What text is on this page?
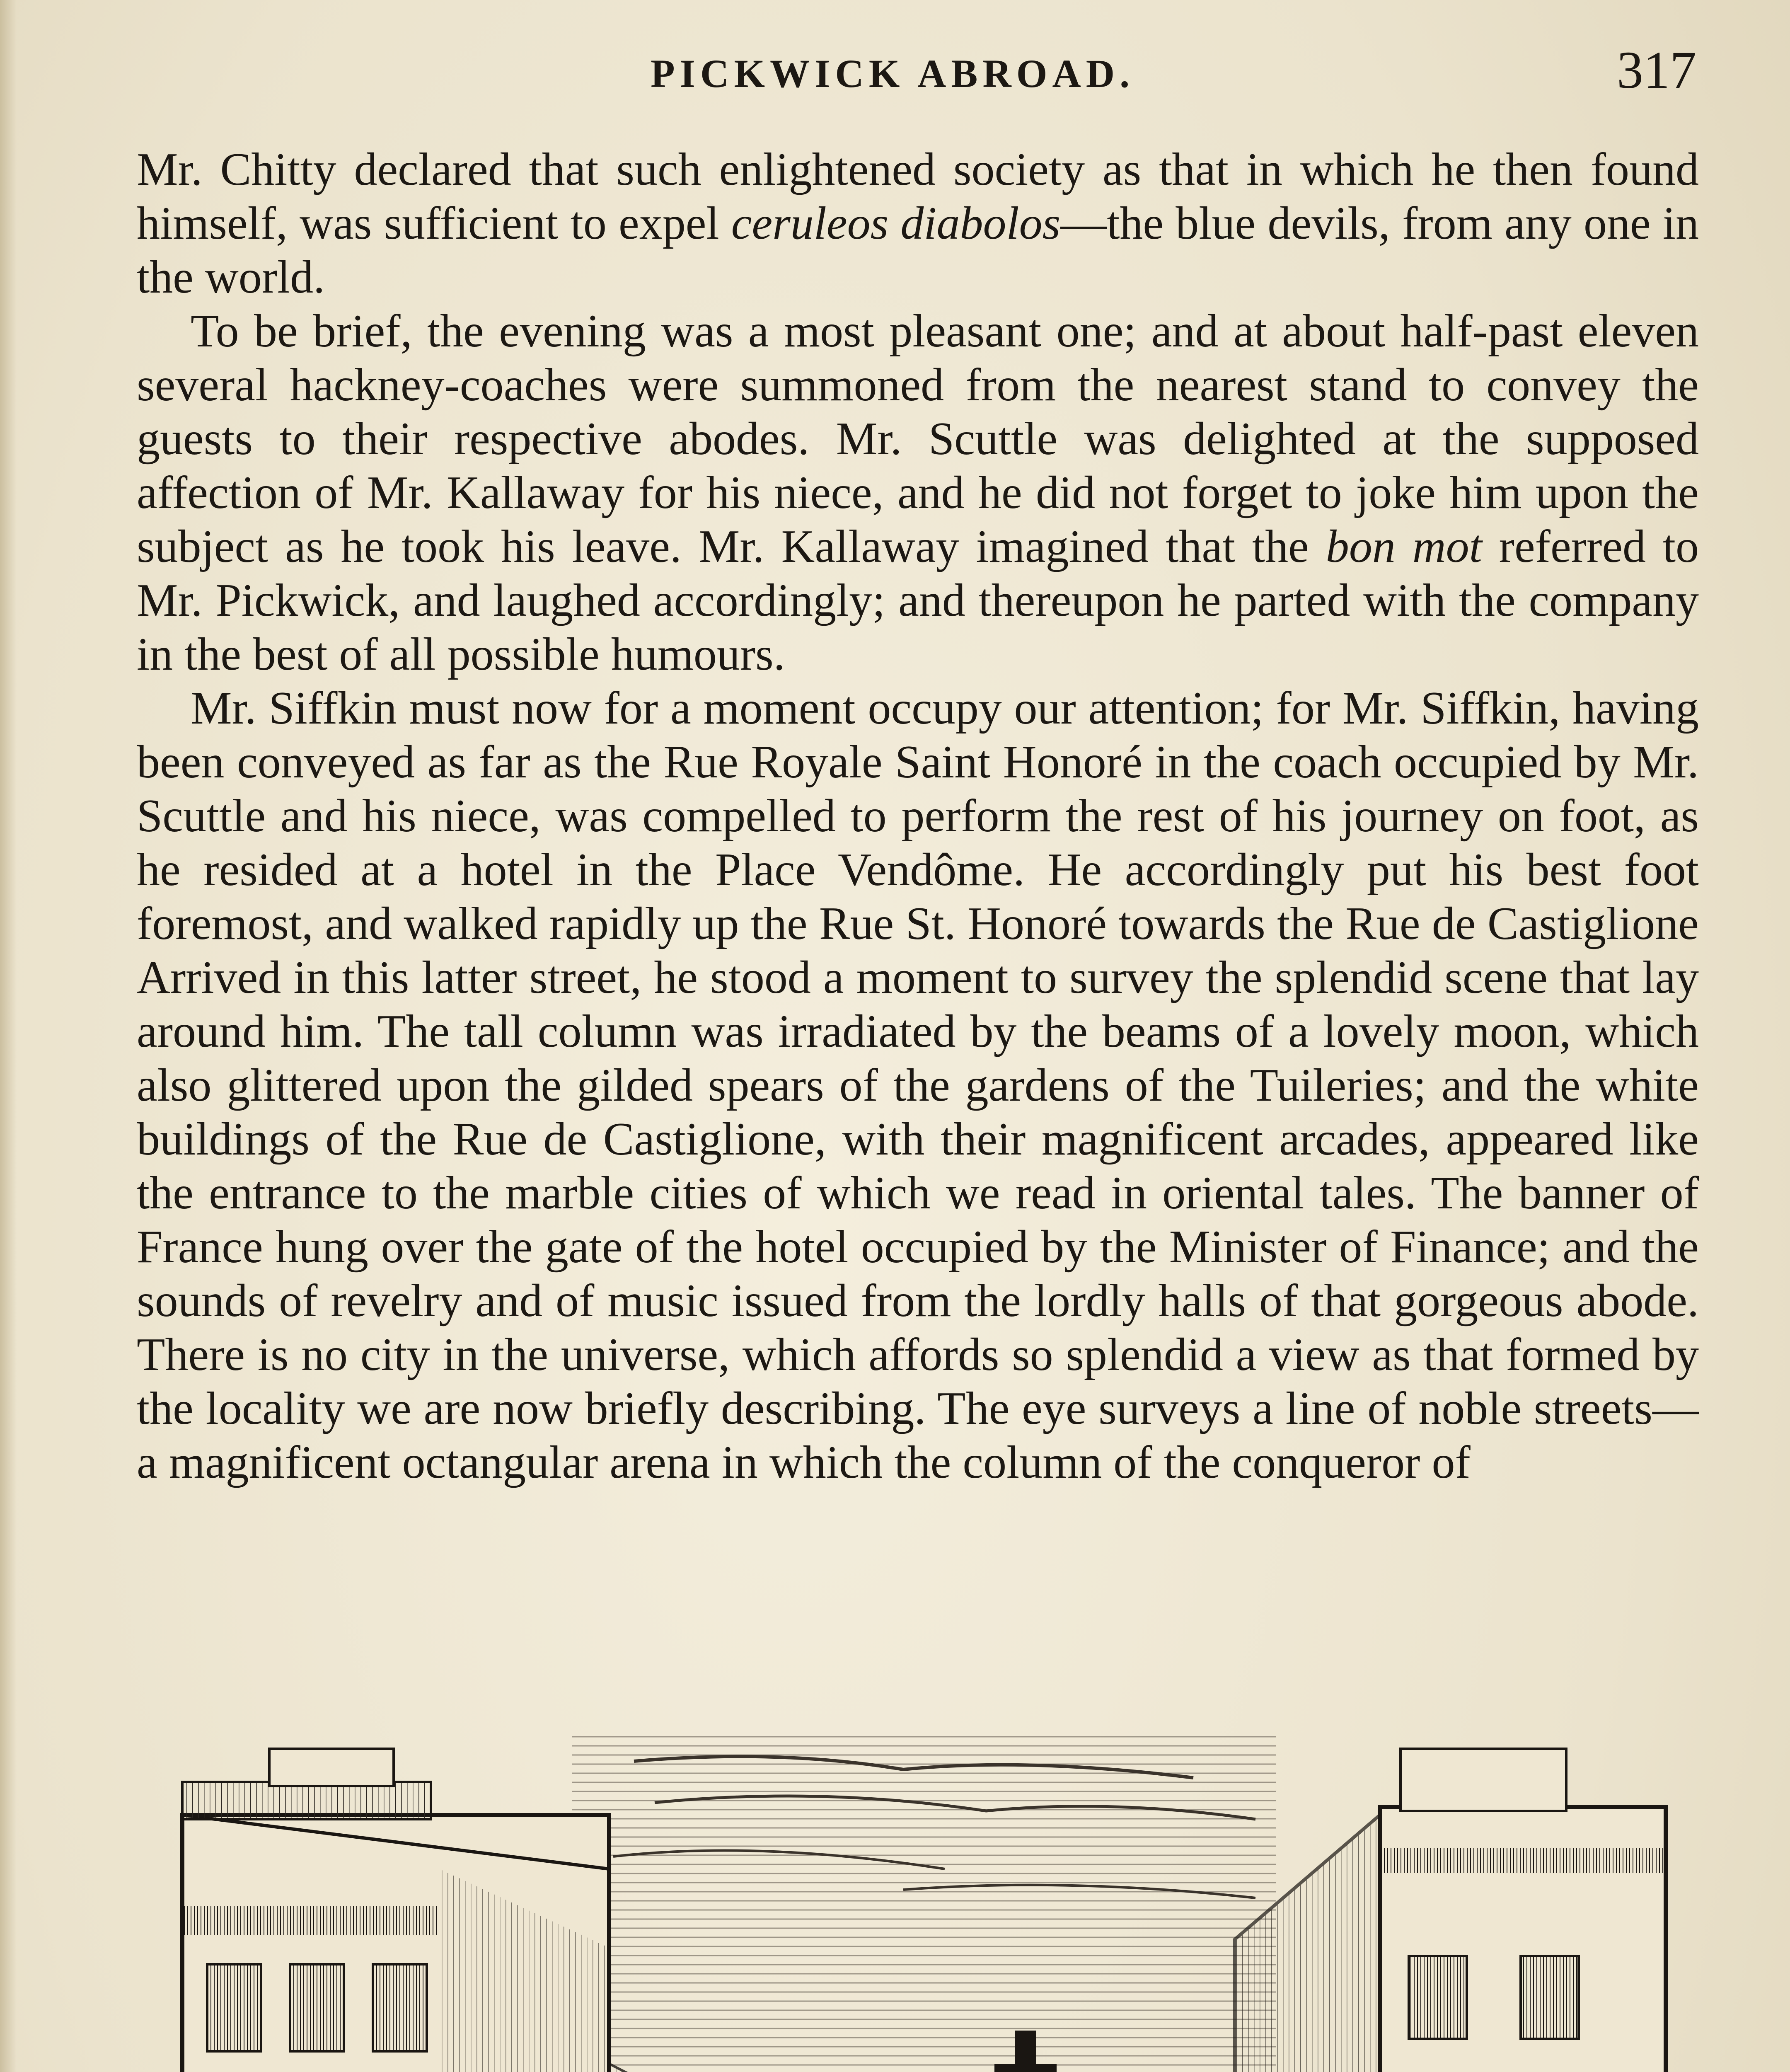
PICKWICK ABROAD.	317

Mr. Chitty declared that such enlightened society as that in which he then found himself, was sufficient to expel ceruleos diabolos—the blue devils, from any one in the world.

To be brief, the evening was a most pleasant one; and at about half-past eleven several hackney-coaches were summoned from the nearest stand to convey the guests to their respective abodes. Mr. Scuttle was delighted at the supposed affection of Mr. Kallaway for his niece, and he did not forget to joke him upon the subject as he took his leave. Mr. Kallaway imagined that the bon mot referred to Mr. Pickwick, and laughed accordingly; and thereupon he parted with the company in the best of all possible humours.

Mr. Siffkin must now for a moment occupy our attention; for Mr. Siffkin, having been conveyed as far as the Rue Royale Saint Honoré in the coach occupied by Mr. Scuttle and his niece, was compelled to perform the rest of his journey on foot, as he resided at a hotel in the Place Vendôme. He accordingly put his best foot foremost, and walked rapidly up the Rue St. Honoré towards the Rue de Castiglione Arrived in this latter street, he stood a moment to survey the splendid scene that lay around him. The tall column was irradiated by the beams of a lovely moon, which also glittered upon the gilded spears of the gardens of the Tuileries; and the white buildings of the Rue de Castiglione, with their magnificent arcades, appeared like the entrance to the marble cities of which we read in oriental tales. The banner of France hung over the gate of the hotel occupied by the Minister of Finance; and the sounds of revelry and of music issued from the lordly halls of that gorgeous abode. There is no city in the universe, which affords so splendid a view as that formed by the locality we are now briefly describing. The eye surveys a line of noble streets—a magnificent octangular arena in which the column of the conqueror of
